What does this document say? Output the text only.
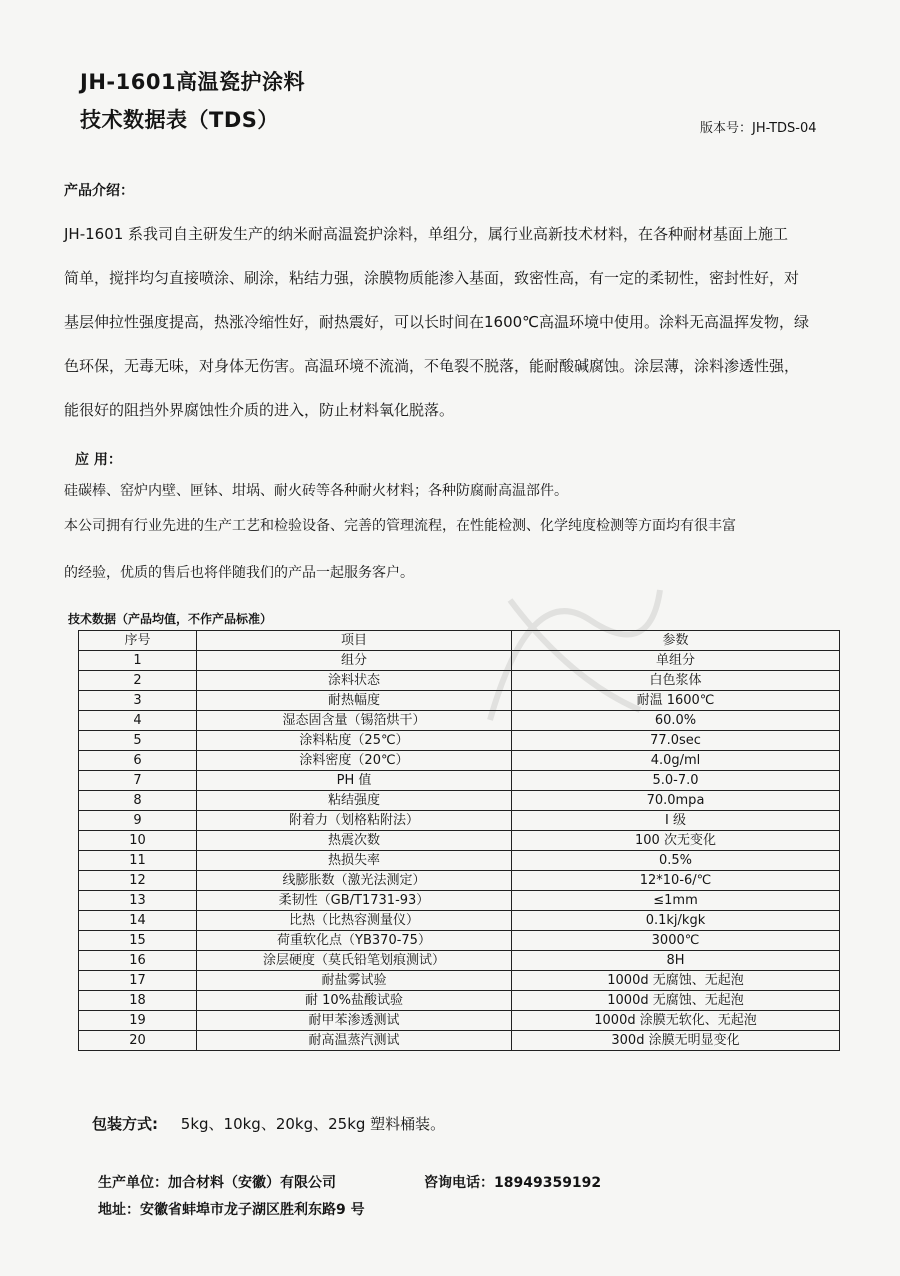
JH-1601高温瓷护涂料
技术数据表（TDS）	版本号：JH-TDS-04
产品介绍：
JH-1601 系我司自主研发生产的纳米耐高温瓷护涂料，单组分，属行业高新技术材料，在各种耐材基面上施工
简单，搅拌均匀直接喷涂、刷涂，粘结力强，涂膜物质能渗入基面，致密性高，有一定的柔韧性，密封性好，对
基层伸拉性强度提高，热涨冷缩性好，耐热震好，可以长时间在1600℃高温环境中使用。涂料无高温挥发物，绿
色环保，无毒无味，对身体无伤害。高温环境不流淌，不龟裂不脱落，能耐酸碱腐蚀。涂层薄，涂料渗透性强，
能很好的阻挡外界腐蚀性介质的进入，防止材料氧化脱落。
应 用：
硅碳棒、窑炉内壁、匣钵、坩埚、耐火砖等各种耐火材料；各种防腐耐高温部件。
本公司拥有行业先进的生产工艺和检验设备、完善的管理流程，在性能检测、化学纯度检测等方面均有很丰富
的经验，优质的售后也将伴随我们的产品一起服务客户。
技术数据（产品均值，不作产品标准）
序号	项目	参数
1	组分	单组分
2	涂料状态	白色浆体
3	耐热幅度	耐温 1600℃
4	湿态固含量（锡箔烘干）	60.0%
5	涂料粘度（25℃）	77.0sec
6	涂料密度（20℃）	4.0g/ml
7	PH 值	5.0-7.0
8	粘结强度	70.0mpa
9	附着力（划格粘附法）	I 级
10	热震次数	100 次无变化
11	热损失率	0.5%
12	线膨胀数（激光法测定）	12*10-6/℃
13	柔韧性（GB/T1731-93）	≤1mm
14	比热（比热容测量仪）	0.1kj/kgk
15	荷重软化点（YB370-75）	3000℃
16	涂层硬度（莫氏铅笔划痕测试）	8H
17	耐盐雾试验	1000d 无腐蚀、无起泡
18	耐 10%盐酸试验	1000d 无腐蚀、无起泡
19	耐甲苯渗透测试	1000d 涂膜无软化、无起泡
20	耐高温蒸汽测试	300d 涂膜无明显变化
包装方式: 5kg、10kg、20kg、25kg 塑料桶装。
生产单位：加合材料（安徽）有限公司	咨询电话：18949359192
地址：安徽省蚌埠市龙子湖区胜利东路9 号
